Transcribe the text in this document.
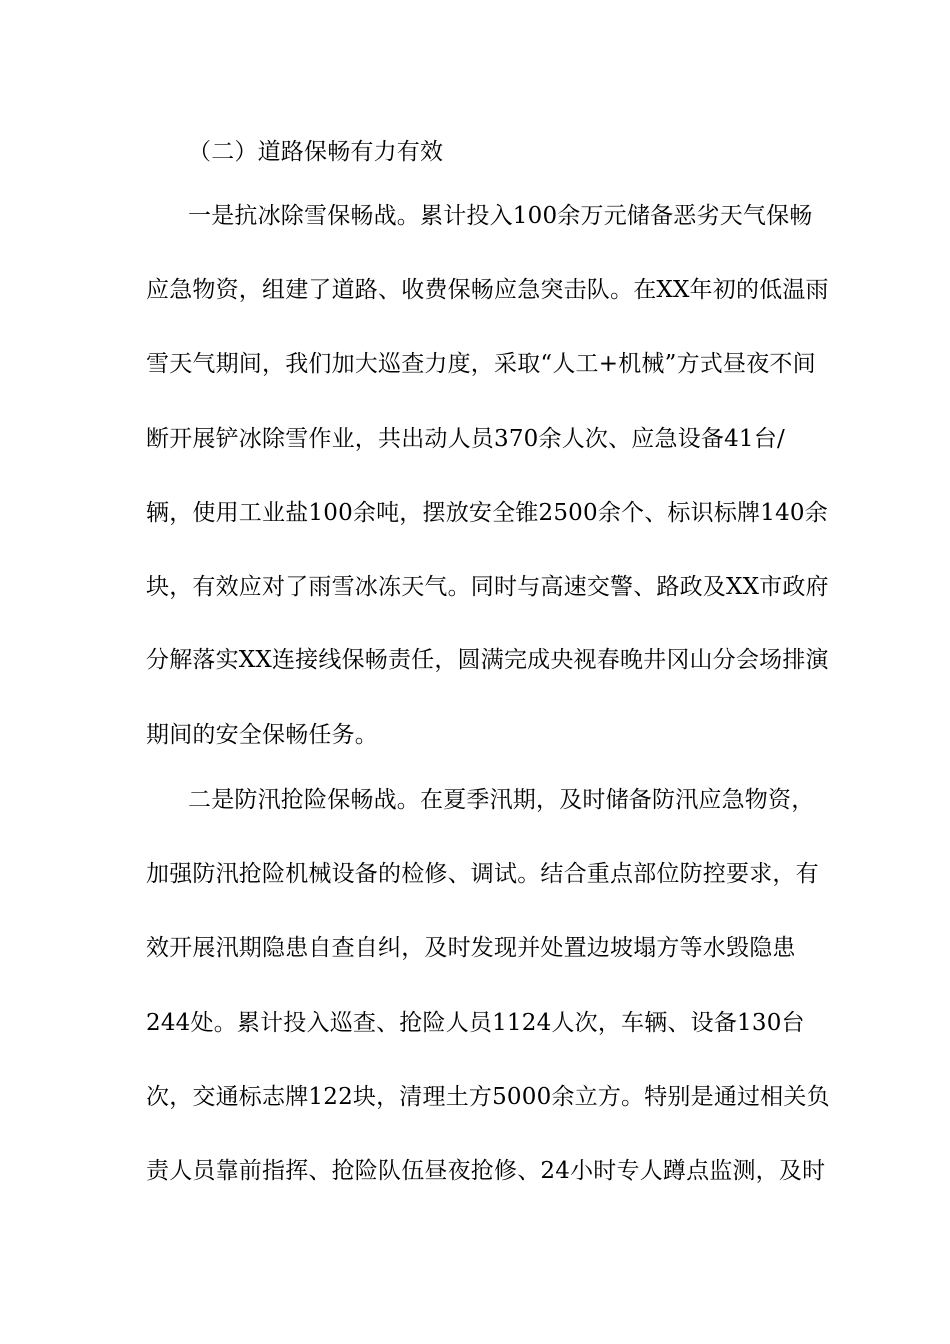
（二）道路保畅有力有效
一是抗冰除雪保畅战。累计投入100余万元储备恶劣天气保畅
应急物资，组建了道路、收费保畅应急突击队。在XX年初的低温雨
雪天气期间，我们加大巡查力度，采取“人工+机械”方式昼夜不间
断开展铲冰除雪作业，共出动人员370余人次、应急设备41台/
辆，使用工业盐100余吨，摆放安全锥2500余个、标识标牌140余
块，有效应对了雨雪冰冻天气。同时与高速交警、路政及XX市政府
分解落实XX连接线保畅责任，圆满完成央视春晚井冈山分会场排演
期间的安全保畅任务。
二是防汛抢险保畅战。在夏季汛期，及时储备防汛应急物资，
加强防汛抢险机械设备的检修、调试。结合重点部位防控要求，有
效开展汛期隐患自查自纠，及时发现并处置边坡塌方等水毁隐患
244处。累计投入巡查、抢险人员1124人次，车辆、设备130台
次，交通标志牌122块，清理土方5000余立方。特别是通过相关负
责人员靠前指挥、抢险队伍昼夜抢修、24小时专人蹲点监测，及时
